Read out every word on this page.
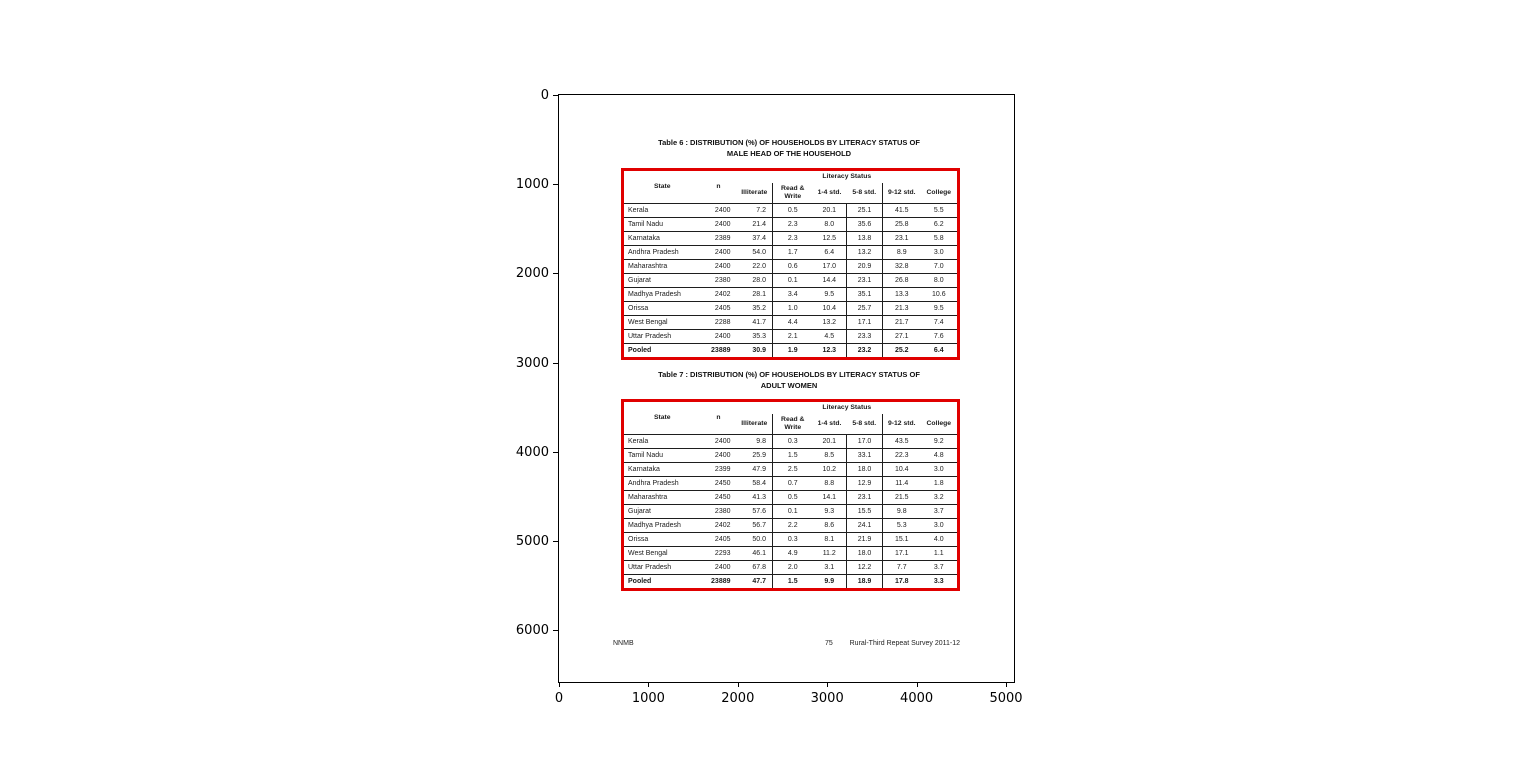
Table 6 : DISTRIBUTION (%) OF HOUSEHOLDS BY LITERACY STATUS OF
MALE HEAD OF THE HOUSEHOLD
State	n	Literacy Status					
		Illiterate	Read & Write	1-4 std.	5-8 std.	9-12 std.	College
Kerala	2400	7.2	0.5	20.1	25.1	41.5	5.5
Tamil Nadu	2400	21.4	2.3	8.0	35.6	25.8	6.2
Karnataka	2389	37.4	2.3	12.5	13.8	23.1	5.8
Andhra Pradesh	2400	54.0	1.7	6.4	13.2	8.9	3.0
Maharashtra	2400	22.0	0.6	17.0	20.9	32.8	7.0
Gujarat	2380	28.0	0.1	14.4	23.1	26.8	8.0
Madhya Pradesh	2402	28.1	3.4	9.5	35.1	13.3	10.6
Orissa	2405	35.2	1.0	10.4	25.7	21.3	9.5
West Bengal	2288	41.7	4.4	13.2	17.1	21.7	7.4
Uttar Pradesh	2400	35.3	2.1	4.5	23.3	27.1	7.6
Pooled	23889	30.9	1.9	12.3	23.2	25.2	6.4
Table 7 : DISTRIBUTION (%) OF HOUSEHOLDS BY LITERACY STATUS OF
ADULT WOMEN
State	n	Literacy Status					
		Illiterate	Read & Write	1-4 std.	5-8 std.	9-12 std.	College
Kerala	2400	9.8	0.3	20.1	17.0	43.5	9.2
Tamil Nadu	2400	25.9	1.5	8.5	33.1	22.3	4.8
Karnataka	2399	47.9	2.5	10.2	18.0	10.4	3.0
Andhra Pradesh	2450	58.4	0.7	8.8	12.9	11.4	1.8
Maharashtra	2450	41.3	0.5	14.1	23.1	21.5	3.2
Gujarat	2380	57.6	0.1	9.3	15.5	9.8	3.7
Madhya Pradesh	2402	56.7	2.2	8.6	24.1	5.3	3.0
Orissa	2405	50.0	0.3	8.1	21.9	15.1	4.0
West Bengal	2293	46.1	4.9	11.2	18.0	17.1	1.1
Uttar Pradesh	2400	67.8	2.0	3.1	12.2	7.7	3.7
Pooled	23889	47.7	1.5	9.9	18.9	17.8	3.3
NNMB	75 Rural-Third Repeat Survey 2011-12
0
1000
2000
3000
4000
5000
6000
0	1000	2000	3000	4000	5000
